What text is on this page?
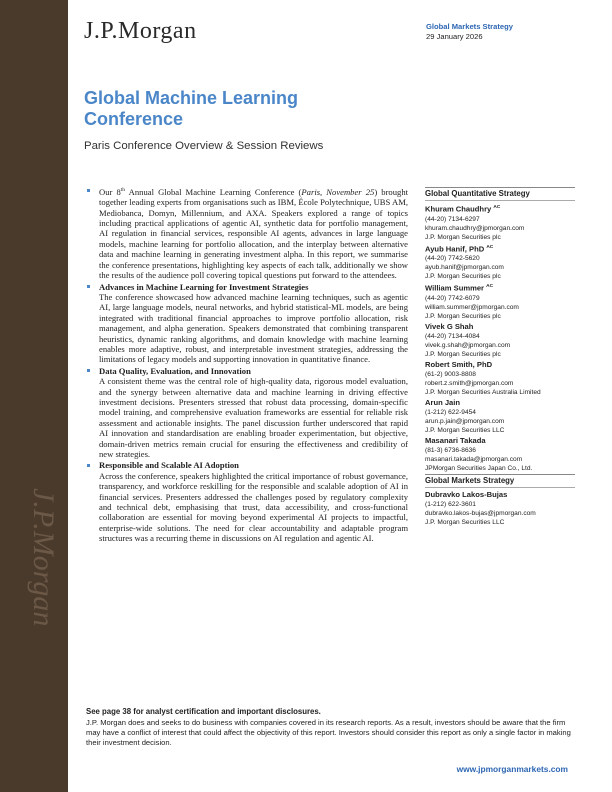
J.P.Morgan
J.P.Morgan	Global Markets Strategy
29 January 2026
Global Machine Learning Conference
Paris Conference Overview & Session Reviews

Our 8th Annual Global Machine Learning Conference (Paris, November 25) brought together leading experts from organisations such as IBM, École Polytechnique, UBS AM, Mediobanca, Domyn, Millennium, and AXA. Speakers explored a range of topics including practical applications of agentic AI, synthetic data for portfolio management, AI regulation in financial services, responsible AI agents, advances in large language models, machine learning for portfolio allocation, and the interplay between alternative data and machine learning in generating investment alpha. In this report, we summarise the conference presentations, highlighting key aspects of each talk, additionally we show the results of the audience poll covering topical questions put forward to the attendees.

Advances in Machine Learning for Investment Strategies

The conference showcased how advanced machine learning techniques, such as agentic AI, large language models, neural networks, and hybrid statistical-ML models, are being integrated with traditional financial approaches to improve portfolio allocation, risk management, and alpha generation. Speakers demonstrated that combining transparent heuristics, dynamic ranking algorithms, and domain knowledge with machine learning enables more adaptive, robust, and interpretable investment strategies, addressing the limitations of legacy models and supporting innovation in quantitative finance.

Data Quality, Evaluation, and Innovation

A consistent theme was the central role of high-quality data, rigorous model evaluation, and the synergy between alternative data and machine learning in driving effective investment decisions. Presenters stressed that robust data processing, domain-specific model training, and comprehensive evaluation frameworks are essential for reliable risk assessment and actionable insights. The panel discussion further underscored that rapid AI innovation and standardisation are enabling broader experimentation, but objective, domain-driven metrics remain crucial for ensuring the effectiveness and credibility of new strategies.

Responsible and Scalable AI Adoption

Across the conference, speakers highlighted the critical importance of robust governance, transparency, and workforce reskilling for the responsible and scalable adoption of AI in financial services. Presenters addressed the challenges posed by regulatory complexity and technical debt, emphasising that trust, data accessibility, and cross-functional collaboration are essential for moving beyond experimental AI projects to impactful, enterprise-wide solutions. The need for clear accountability and adaptable program structures was a recurring theme in discussions on AI regulation and agentic AI.

Global Quantitative Strategy
Khuram Chaudhry $^{AC}$
(44-20) 7134-6297
khuram.chaudhry@jpmorgan.com
J.P. Morgan Securities plc
Ayub Hanif, PhD $^{AC}$
(44-20) 7742-5620
ayub.hanif@jpmorgan.com
J.P. Morgan Securities plc
William Summer $^{AC}$
(44-20) 7742-6079
william.summer@jpmorgan.com
J.P. Morgan Securities plc
Vivek G Shah
(44-20) 7134-4084
vivek.g.shah@jpmorgan.com
J.P. Morgan Securities plc
Robert Smith, PhD
(61-2) 9003-8808
robert.z.smith@jpmorgan.com
J.P. Morgan Securities Australia Limited
Arun Jain
(1-212) 622-9454
arun.p.jain@jpmorgan.com
J.P. Morgan Securities LLC
Masanari Takada
(81-3) 6736-8636
masanari.takada@jpmorgan.com
JPMorgan Securities Japan Co., Ltd.
Global Markets Strategy
Dubravko Lakos-Bujas
(1-212) 622-3601
dubravko.lakos-bujas@jpmorgan.com
J.P. Morgan Securities LLC
See page 38 for analyst certification and important disclosures.

J.P. Morgan does and seeks to do business with companies covered in its research reports. As a result, investors should be aware that the firm may have a conflict of interest that could affect the objectivity of this report. Investors should consider this report as only a single factor in making their investment decision.

www.jpmorganmarkets.com
